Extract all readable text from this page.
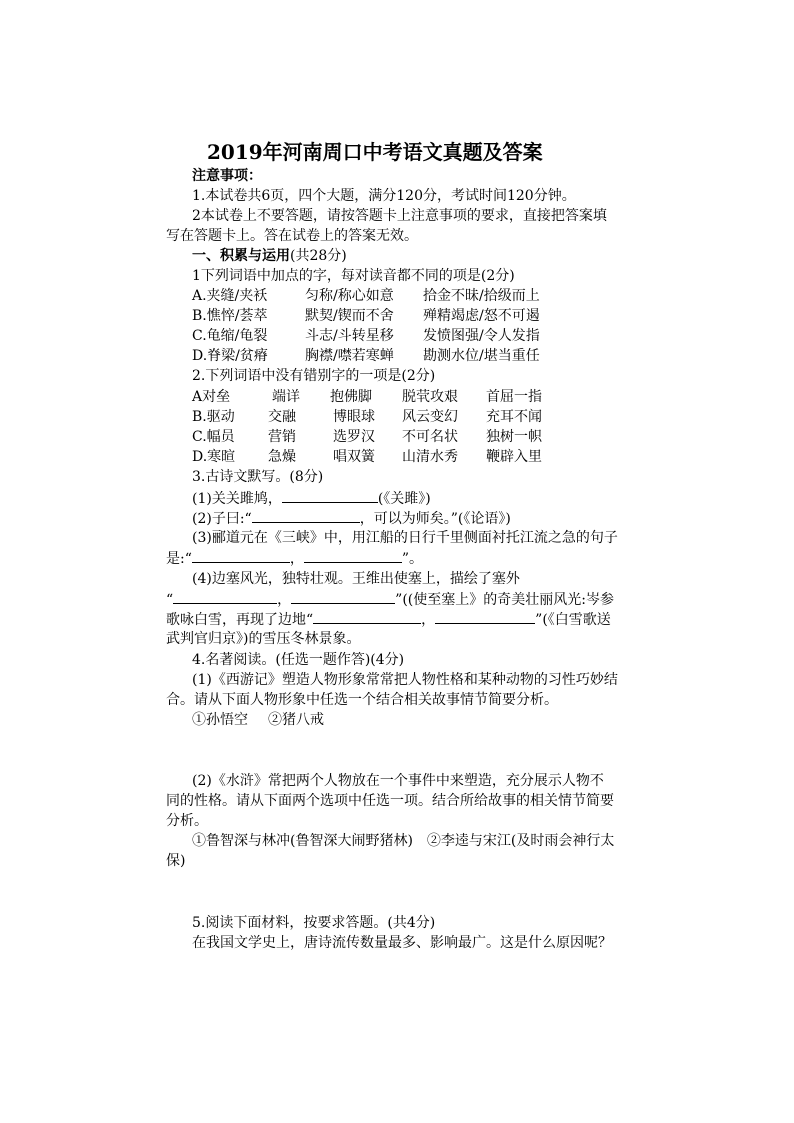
2019年河南周口中考语文真题及答案
注意事项：
1.本试卷共6页，四个大题，满分120分，考试时间120分钟。
2本试卷上不要答题，请按答题卡上注意事项的要求，直接把答案填
写在答题卡上。答在试卷上的答案无效。
一、积累与运用(共28分)
1下列词语中加点的字，每对读音都不同的项是(2分)
A.夹缝/夹袄	匀称/称心如意 拾金不昧/拾级而上
B.憔悴/荟萃	默契/锲而不舍 殚精竭虑/怒不可遏
C.龟缩/龟裂	斗志/斗转星移 发愤图强/令人发指
D.脊梁/贫瘠	胸襟/噤若寒蝉 勘测水位/堪当重任
2.下列词语中没有错别字的一项是(2分)
A对垒	端详 抱佛脚 脱茕攻艰 首屈一指
B.驱动 交融	博眼球 风云变幻 充耳不闻
C.幅员 营销	选罗汉 不可名状 独树一帜
D.寒暄 急燥	唱双簧 山清水秀 鞭辟入里
3.古诗文默写。(8分)
(1)关关雎鸠，	(《关雎》)
(2)子曰:“	，可以为师矣。”(《论语》)
(3)郦道元在《三峡》中，用江船的日行千里侧面衬托江流之急的句子
是:“	，	”。
(4)边塞风光，独特壮观。王维出使塞上，描绘了塞外
“	，	”((使至塞上》的奇美壮丽风光:岑参
歌咏白雪，再现了边地“	，	”(《白雪歌送
武判官归京》)的雪压冬林景象。
4.名著阅读。(任选一题作答)(4分)
(1)《西游记》塑造人物形象常常把人物性格和某种动物的习性巧妙结
合。请从下面人物形象中任选一个结合相关故事情节简要分析。
①孙悟空 ②猪八戒
(2)《水浒》常把两个人物放在一个事件中来塑造，充分展示人物不
同的性格。请从下面两个选项中任选一项。结合所给故事的相关情节简要
分析。
①鲁智深与林冲(鲁智深大闹野猪林)　②李逵与宋江(及时雨会神行太
保)
5.阅读下面材料，按要求答题。(共4分)
在我国文学史上，唐诗流传数量最多、影响最广。这是什么原因呢？
